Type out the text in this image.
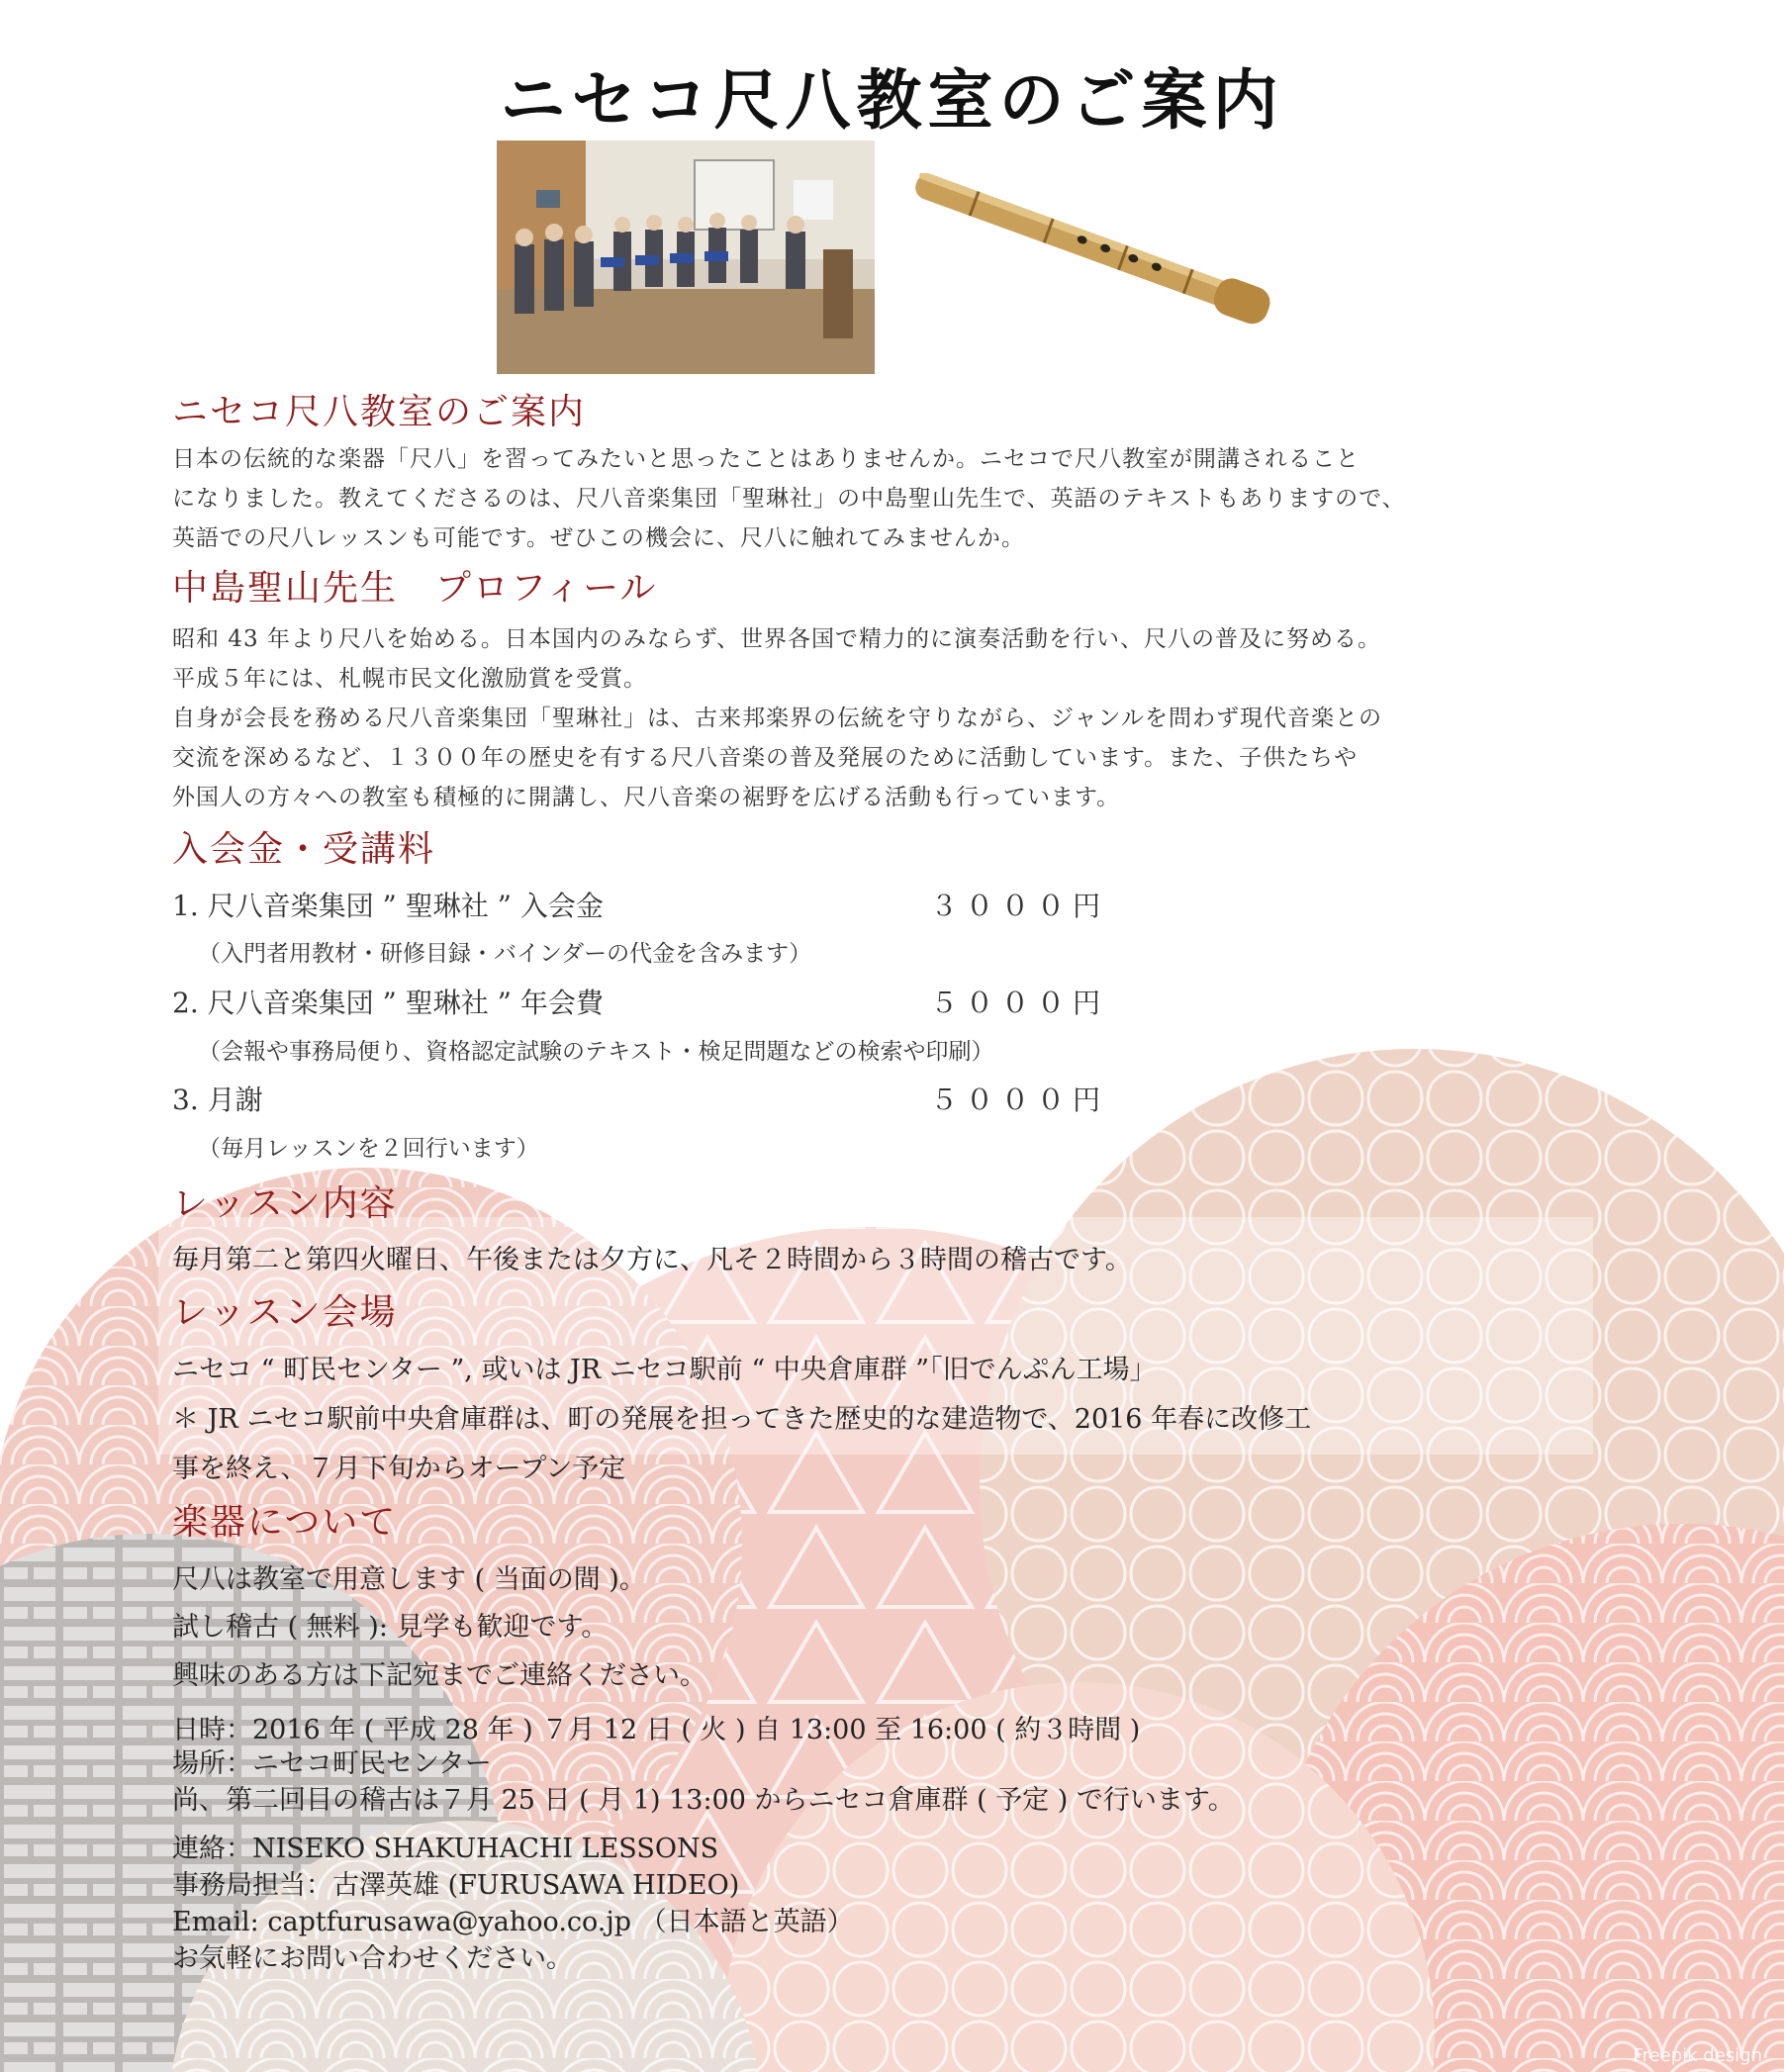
ニセコ尺八教室のご案内
ニセコ尺八教室のご案内
日本の伝統的な楽器「尺八」を習ってみたいと思ったことはありませんか。ニセコで尺八教室が開講されること
になりました。教えてくださるのは、尺八音楽集団「聖琳社」の中島聖山先生で、英語のテキストもありますので、
英語での尺八レッスンも可能です。ぜひこの機会に、尺八に触れてみませんか。
中島聖山先生　プロフィール
昭和 43 年より尺八を始める。日本国内のみならず、世界各国で精力的に演奏活動を行い、尺八の普及に努める。
平成５年には、札幌市民文化激励賞を受賞。
自身が会長を務める尺八音楽集団「聖琳社」は、古来邦楽界の伝統を守りながら、ジャンルを問わず現代音楽との
交流を深めるなど、１３００年の歴史を有する尺八音楽の普及発展のために活動しています。また、子供たちや
外国人の方々への教室も積極的に開講し、尺八音楽の裾野を広げる活動も行っています。
入会金・受講料
1. 尺八音楽集団 ” 聖琳社 ” 入会金	３０００円
（入門者用教材・研修目録・バインダーの代金を含みます）
2. 尺八音楽集団 ” 聖琳社 ” 年会費	５０００円
（会報や事務局便り、資格認定試験のテキスト・検足問題などの検索や印刷）
3. 月謝	５０００円
（毎月レッスンを２回行います）
レッスン内容
毎月第二と第四火曜日、午後または夕方に、凡そ２時間から３時間の稽古です。
レッスン会場
ニセコ “ 町民センター ”, 或いは JR ニセコ駅前 “ 中央倉庫群 ”「旧でんぷん工場」
＊ JR ニセコ駅前中央倉庫群は、町の発展を担ってきた歴史的な建造物で、2016 年春に改修工
事を終え、７月下旬からオープン予定
楽器について
尺八は教室で用意します ( 当面の間 )。
試し稽古 ( 無料 ): 見学も歓迎です。
興味のある方は下記宛までご連絡ください。
日時：2016 年 ( 平成 28 年 ) ７月 12 日 ( 火 ) 自 13:00 至 16:00 ( 約３時間 )
場所：ニセコ町民センター
尚、第二回目の稽古は７月 25 日 ( 月 1) 13:00 からニセコ倉庫群 ( 予定 ) で行います。
連絡：NISEKO SHAKUHACHI LESSONS
事務局担当：古澤英雄 (FURUSAWA HIDEO)
Email: captfurusawa@yahoo.co.jp （日本語と英語）
お気軽にお問い合わせください。
Freepik design
